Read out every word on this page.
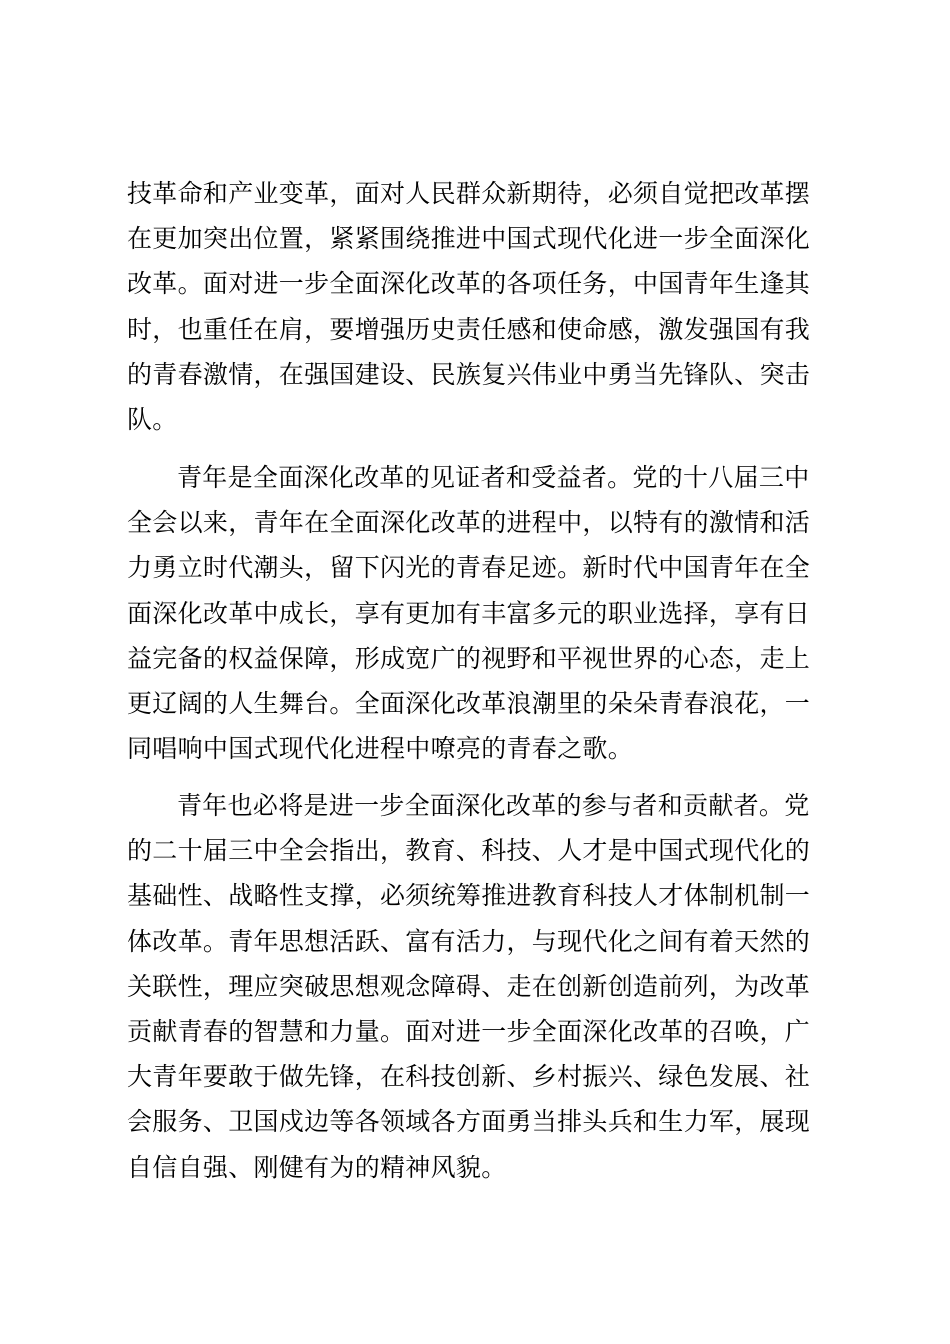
技革命和产业变革，面对人民群众新期待，必须自觉把改革摆
在更加突出位置，紧紧围绕推进中国式现代化进一步全面深化
改革。面对进一步全面深化改革的各项任务，中国青年生逢其
时，也重任在肩，要增强历史责任感和使命感，激发强国有我
的青春激情，在强国建设、民族复兴伟业中勇当先锋队、突击
队。
青年是全面深化改革的见证者和受益者。党的十八届三中
全会以来，青年在全面深化改革的进程中，以特有的激情和活
力勇立时代潮头，留下闪光的青春足迹。新时代中国青年在全
面深化改革中成长，享有更加有丰富多元的职业选择，享有日
益完备的权益保障，形成宽广的视野和平视世界的心态，走上
更辽阔的人生舞台。全面深化改革浪潮里的朵朵青春浪花，一
同唱响中国式现代化进程中嘹亮的青春之歌。
青年也必将是进一步全面深化改革的参与者和贡献者。党
的二十届三中全会指出，教育、科技、人才是中国式现代化的
基础性、战略性支撑，必须统筹推进教育科技人才体制机制一
体改革。青年思想活跃、富有活力，与现代化之间有着天然的
关联性，理应突破思想观念障碍、走在创新创造前列，为改革
贡献青春的智慧和力量。面对进一步全面深化改革的召唤，广
大青年要敢于做先锋，在科技创新、乡村振兴、绿色发展、社
会服务、卫国戍边等各领域各方面勇当排头兵和生力军，展现
自信自强、刚健有为的精神风貌。
